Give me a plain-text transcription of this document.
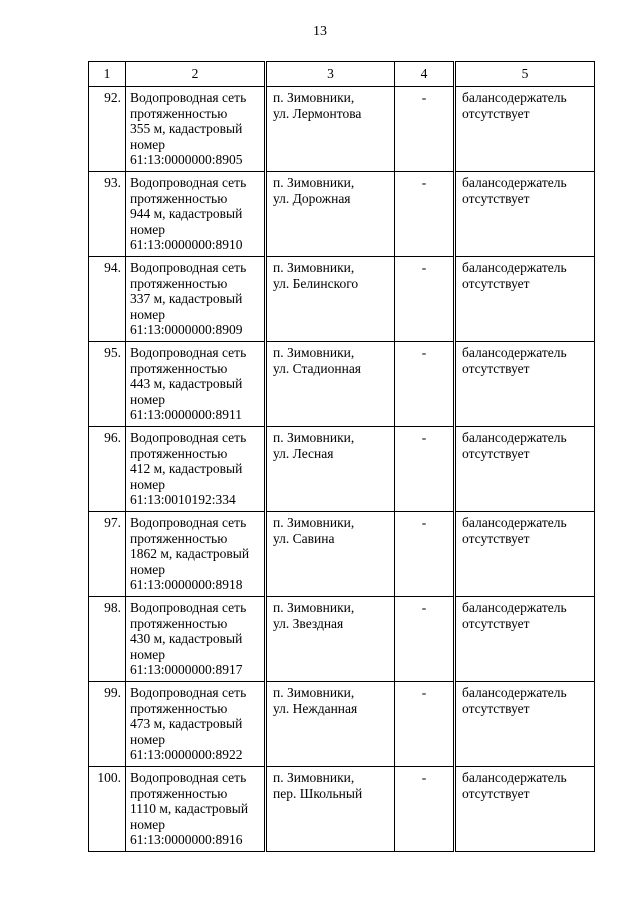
13
1	2	3	4	5
92.	Водопроводная сеть
протяженностью
355 м, кадастровый
номер
61:13:0000000:8905	п. Зимовники,
ул. Лермонтова	-	балансодержатель
отсутствует

93.	Водопроводная сеть
протяженностью
944 м, кадастровый
номер
61:13:0000000:8910	п. Зимовники,
ул. Дорожная	-	балансодержатель
отсутствует

94.	Водопроводная сеть
протяженностью
337 м, кадастровый
номер
61:13:0000000:8909	п. Зимовники,
ул. Белинского	-	балансодержатель
отсутствует

95.	Водопроводная сеть
протяженностью
443 м, кадастровый
номер
61:13:0000000:8911	п. Зимовники,
ул. Стадионная	-	балансодержатель
отсутствует

96.	Водопроводная сеть
протяженностью
412 м, кадастровый
номер
61:13:0010192:334	п. Зимовники,
ул. Лесная	-	балансодержатель
отсутствует

97.	Водопроводная сеть
протяженностью
1862 м, кадастровый
номер
61:13:0000000:8918	п. Зимовники,
ул. Савина	-	балансодержатель
отсутствует

98.	Водопроводная сеть
протяженностью
430 м, кадастровый
номер
61:13:0000000:8917	п. Зимовники,
ул. Звездная	-	балансодержатель
отсутствует

99.	Водопроводная сеть
протяженностью
473 м, кадастровый
номер
61:13:0000000:8922	п. Зимовники,
ул. Нежданная	-	балансодержатель
отсутствует

100.	Водопроводная сеть
протяженностью
1110 м, кадастровый
номер
61:13:0000000:8916	п. Зимовники,
пер. Школьный	-	балансодержатель
отсутствует
